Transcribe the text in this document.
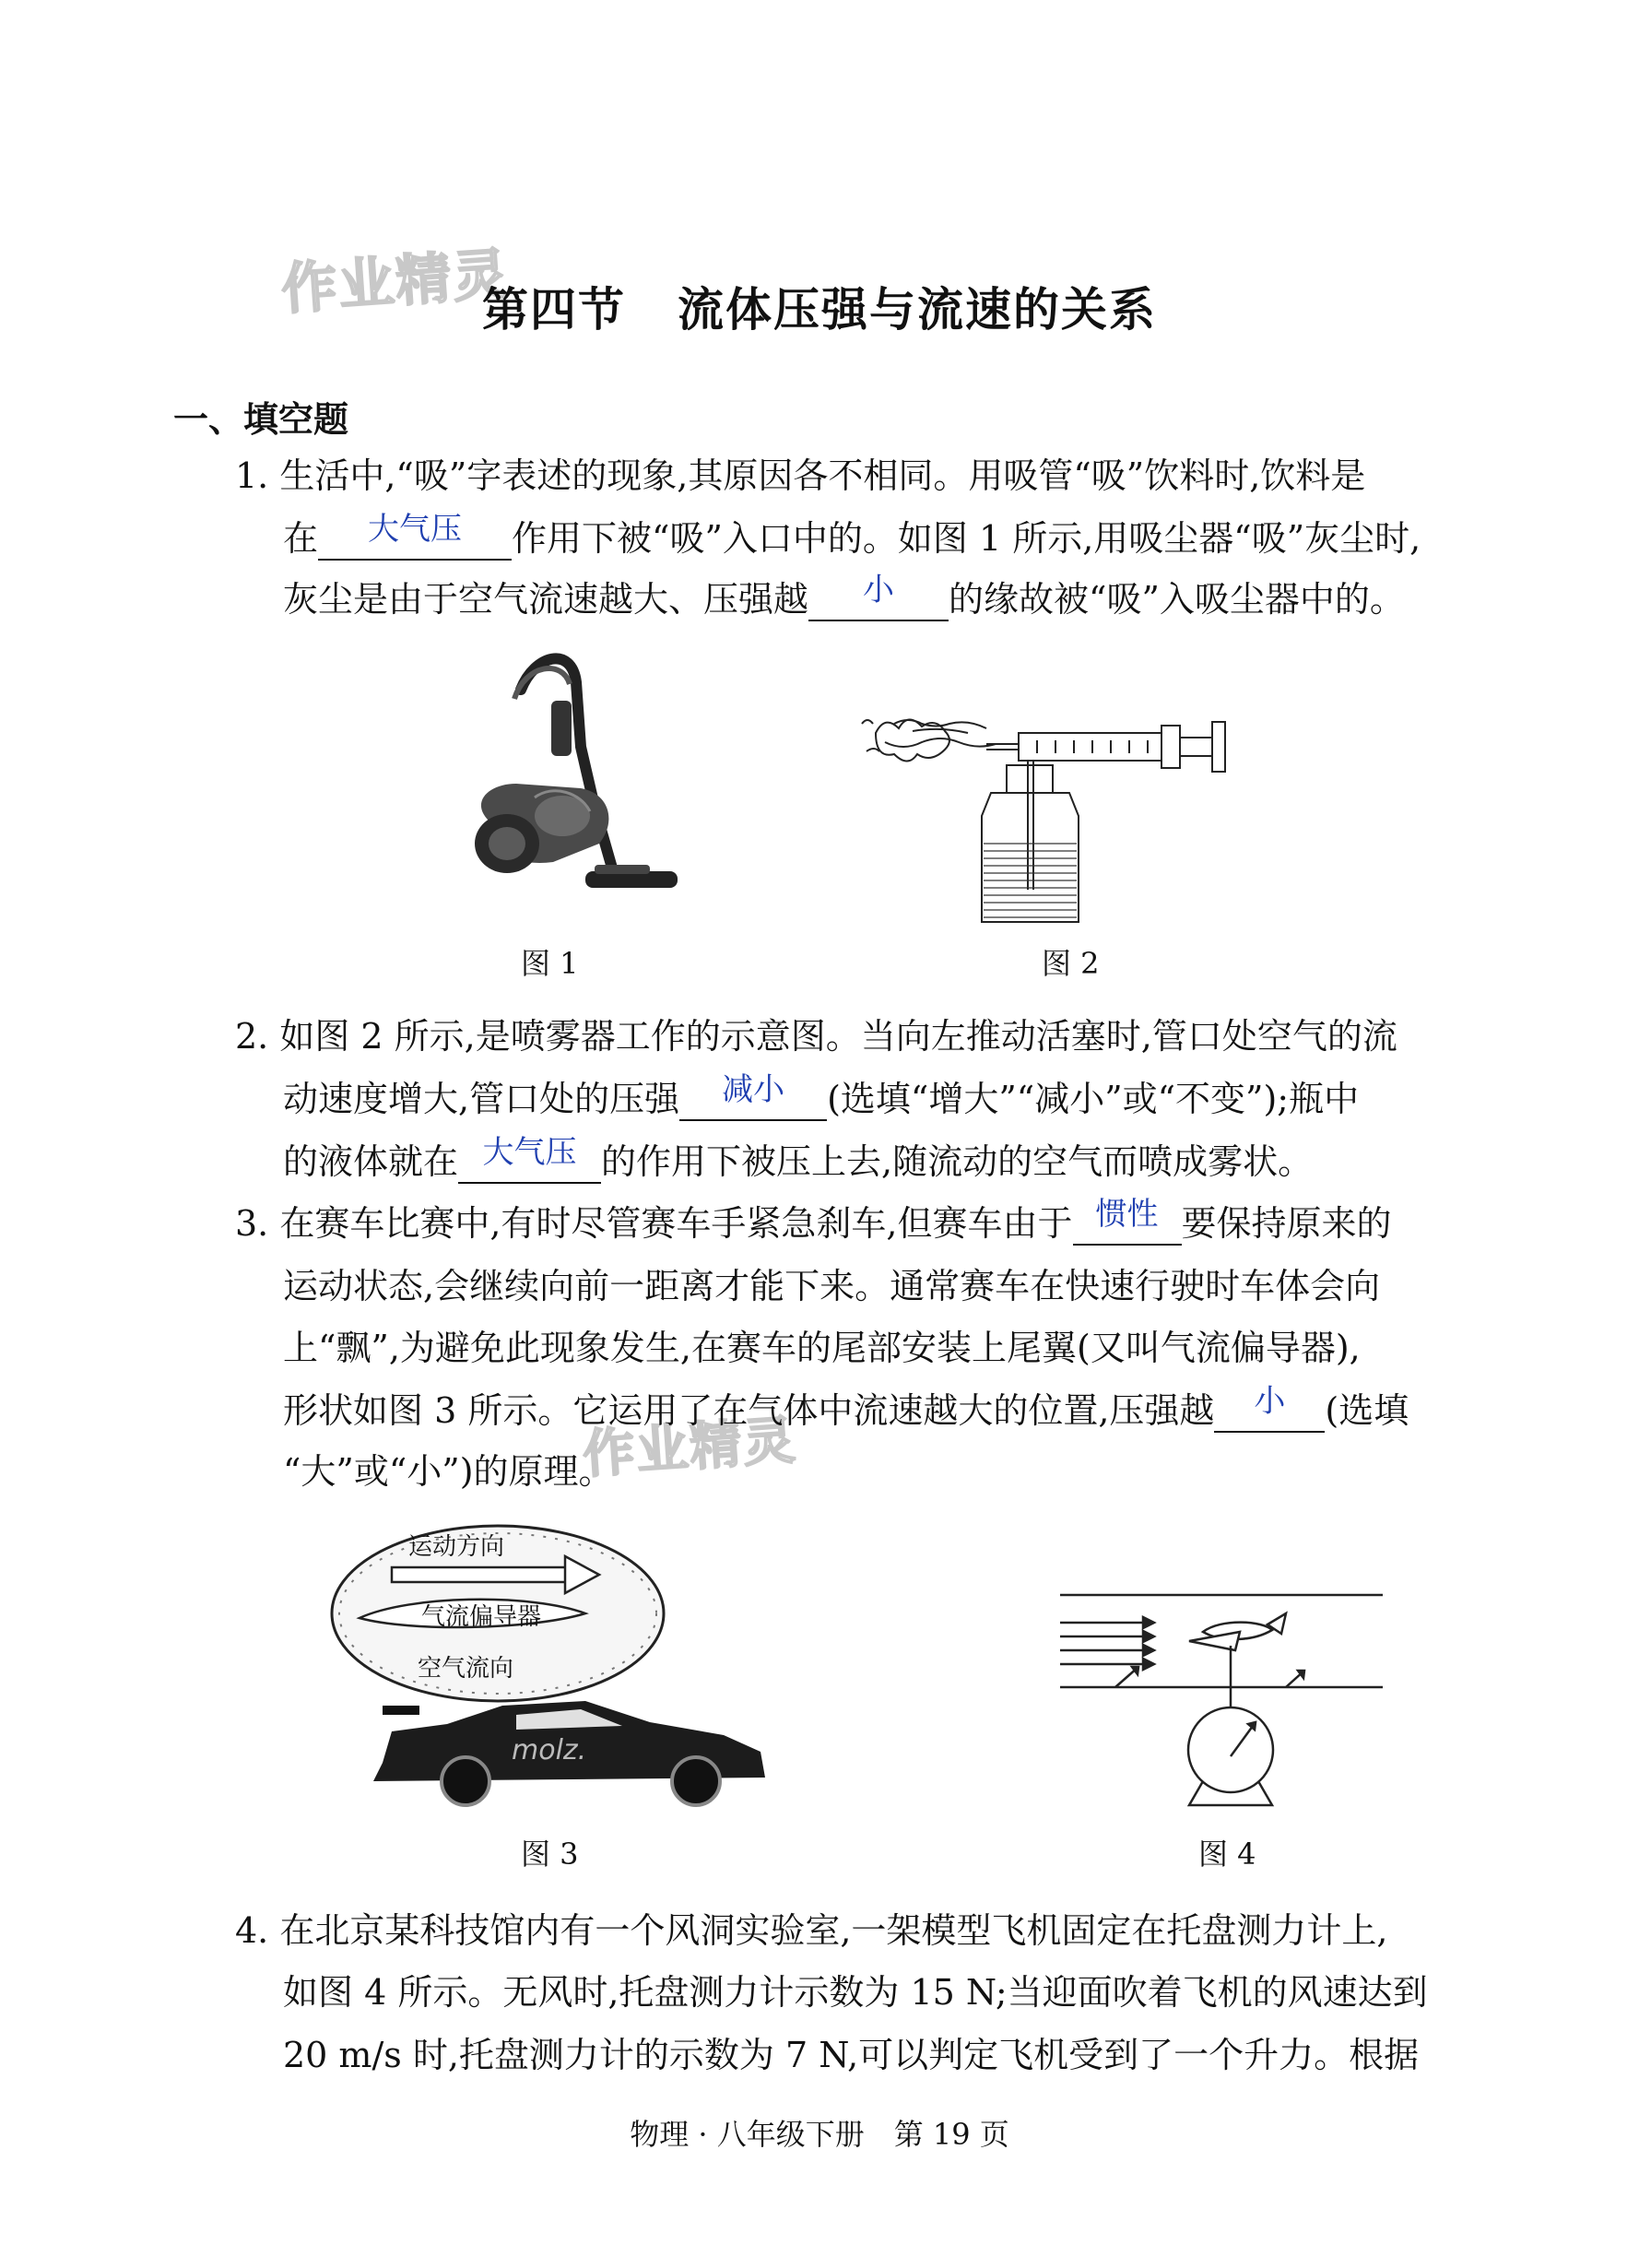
作业精灵
作业精灵
第四节 流体压强与流速的关系
一、填空题
1. 生活中,“吸”字表述的现象,其原因各不相同。用吸管“吸”饮料时,饮料是
在	大气压	作用下被“吸”入口中的。如图 1 所示,用吸尘器“吸”灰尘时,
灰尘是由于空气流速越大、压强越	小	的缘故被“吸”入吸尘器中的。
图 1	图 2
2. 如图 2 所示,是喷雾器工作的示意图。当向左推动活塞时,管口处空气的流
动速度增大,管口处的压强	减小	(选填“增大”“减小”或“不变”);瓶中
的液体就在 大气压 的作用下被压上去,随流动的空气而喷成雾状。
3. 在赛车比赛中,有时尽管赛车手紧急刹车,但赛车由于 惯性 要保持原来的
运动状态,会继续向前一距离才能下来。通常赛车在快速行驶时车体会向
上“飘”,为避免此现象发生,在赛车的尾部安装上尾翼(又叫气流偏导器),
形状如图 3 所示。它运用了在气体中流速越大的位置,压强越	小	(选填
“大”或“小”)的原理。
运动方向
气流偏导器
空气流向
molz.
图 3	图 4
4. 在北京某科技馆内有一个风洞实验室,一架模型飞机固定在托盘测力计上,
如图 4 所示。无风时,托盘测力计示数为 15 N;当迎面吹着飞机的风速达到
20 m/s 时,托盘测力计的示数为 7 N,可以判定飞机受到了一个升力。根据
物理 · 八年级下册　第 19 页
